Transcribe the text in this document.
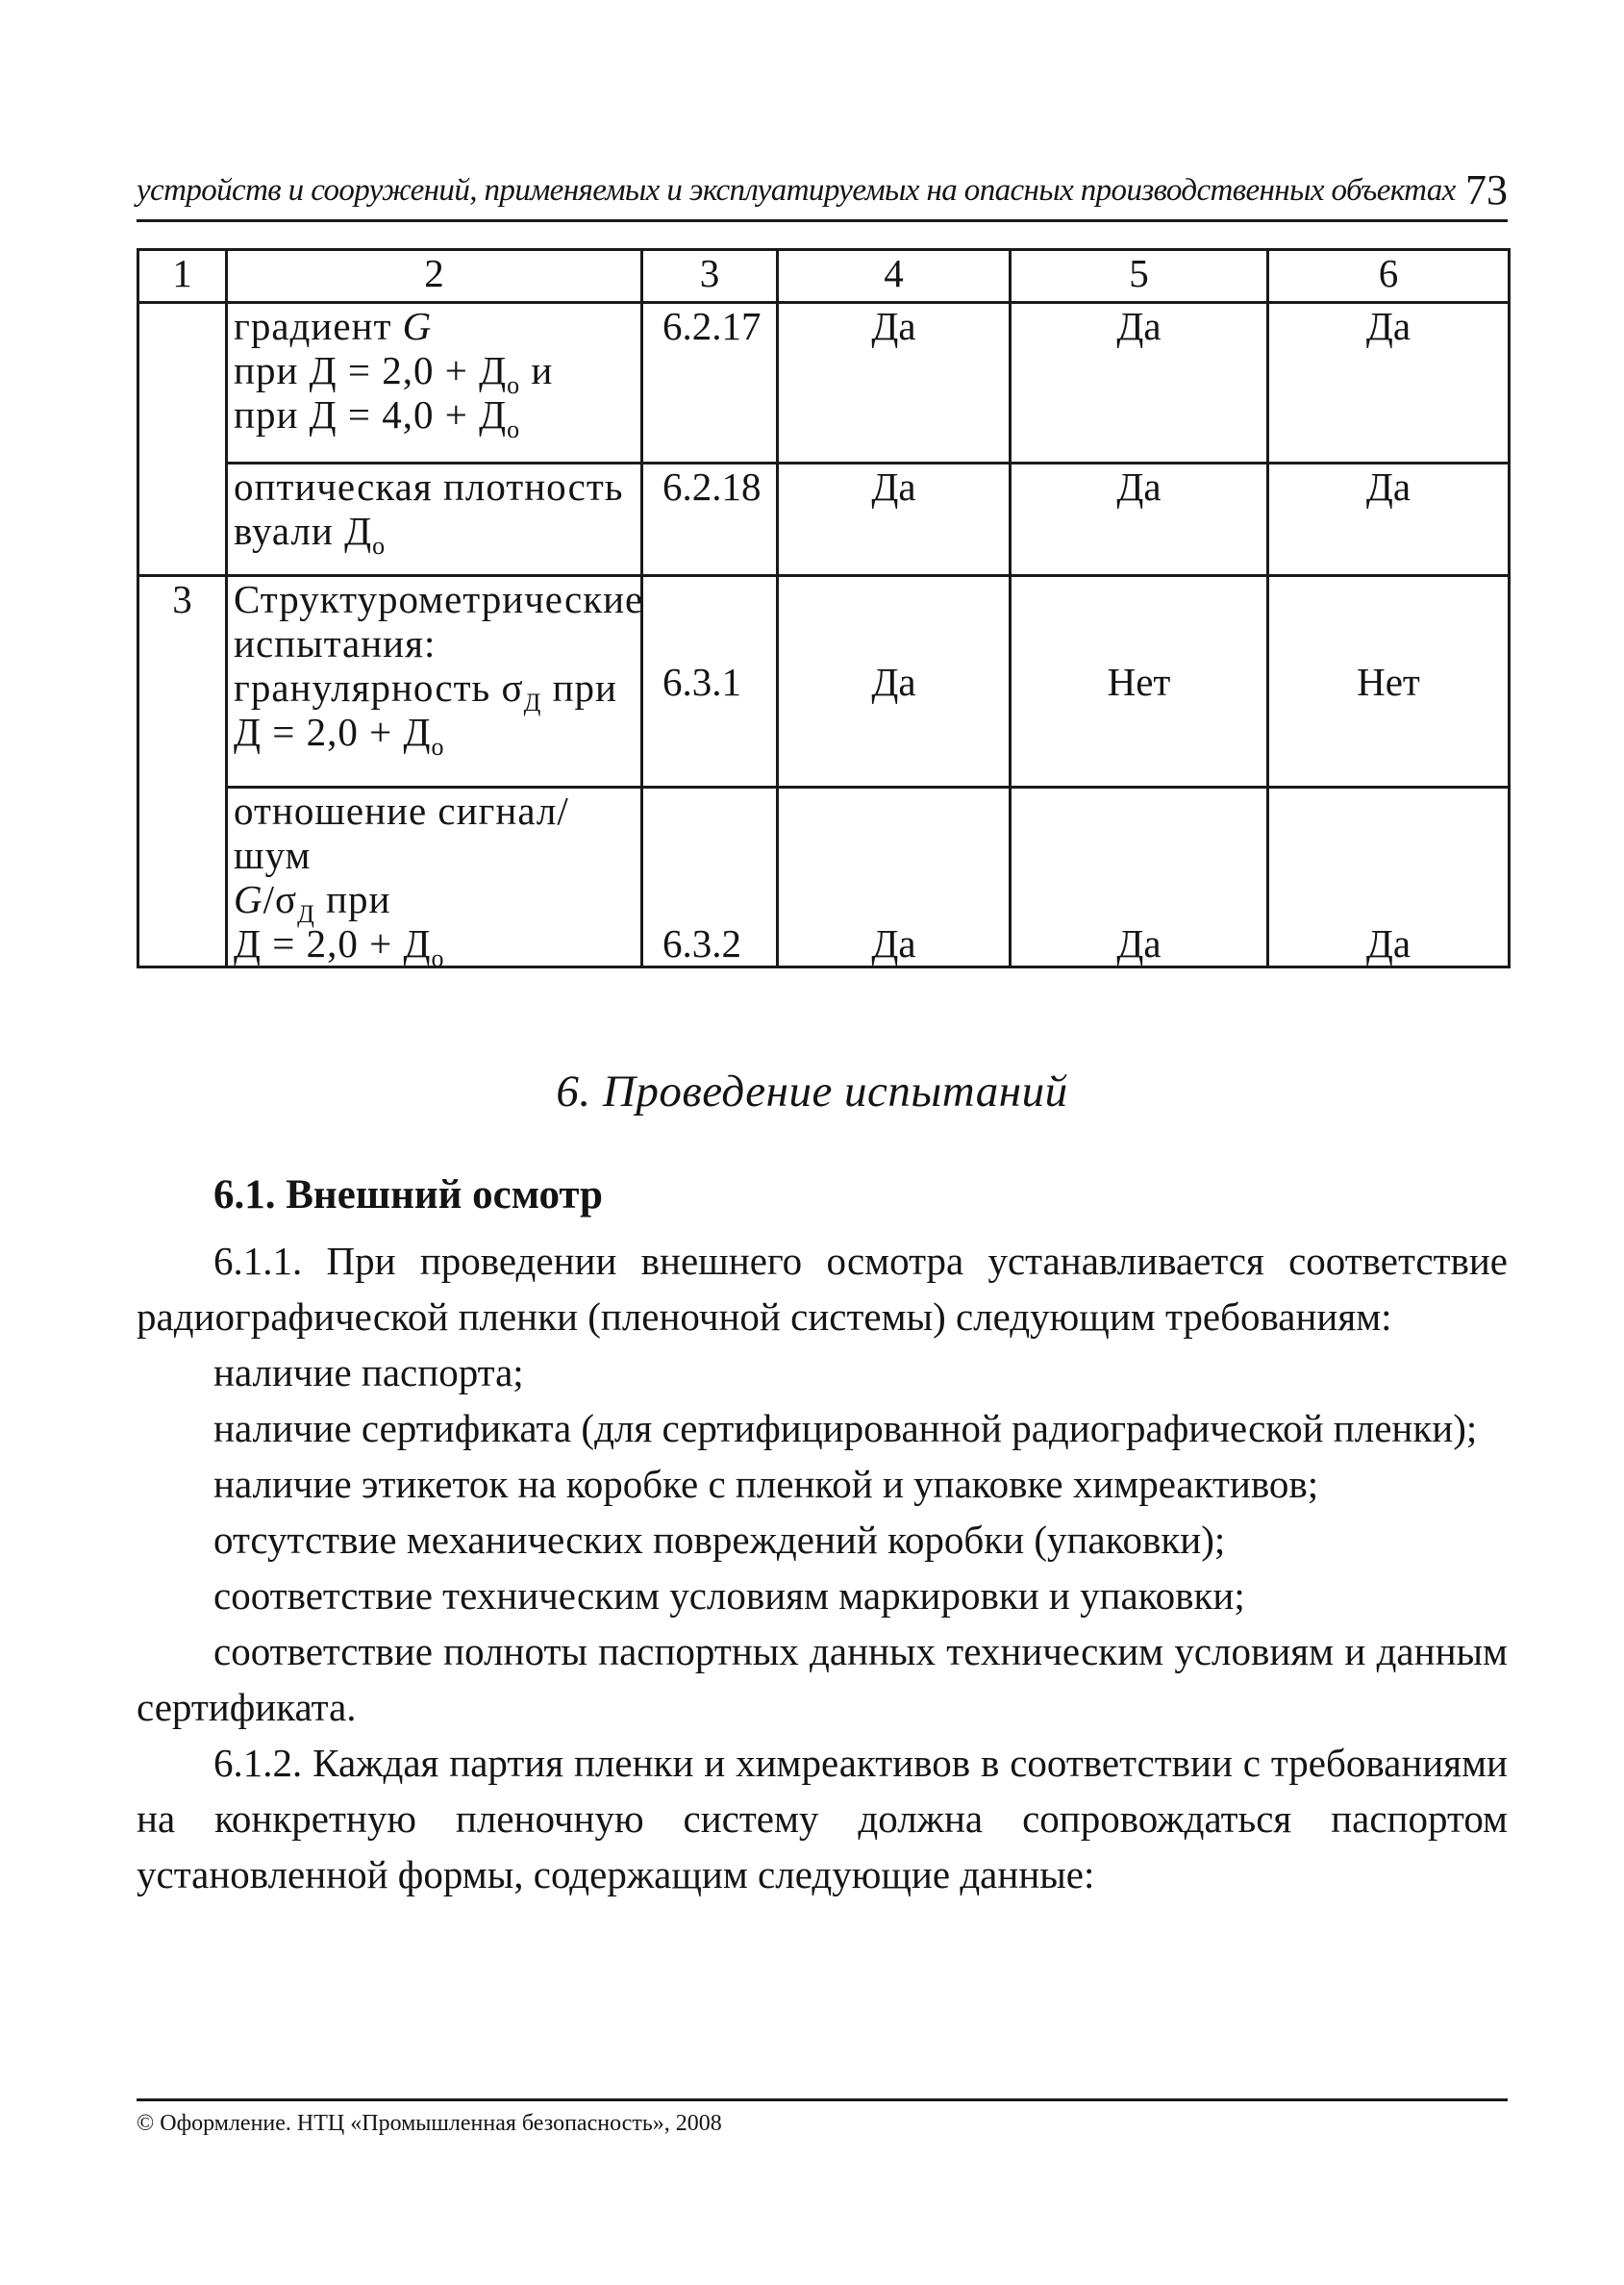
устройств и сооружений, применяемых и эксплуатируемых на опасных производственных объектах 73
1	2	3	4	5	6

	градиент G
при $Д = 2,0 + Д_о$ и
при $Д = 4,0 + Д_о$	6.2.17	Да	Да	Да

	оптическая плотность
вуали $Д_о$	6.2.18	Да	Да	Да
3	Структурометрические
испытания:
гранулярность $\sigma_Д$ при
$Д = 2,0 + Д_о$	6.3.1	Да	Нет	Нет

	отношение сигнал/шум
$G/\sigma_Д$ при
$Д = 2,0 + Д_о$	6.3.2	Да	Да	Да
6. Проведение испытаний
6.1. Внешний осмотр

6.1.1. При проведении внешнего осмотра устанавливается соответствие радиографической пленки (пленочной системы) следующим требованиям:

наличие паспорта;

наличие сертификата (для сертифицированной радиографической пленки);

наличие этикеток на коробке с пленкой и упаковке химреактивов;

отсутствие механических повреждений коробки (упаковки);

соответствие техническим условиям маркировки и упаковки;

соответствие полноты паспортных данных техническим условиям и данным сертификата.

6.1.2. Каждая партия пленки и химреактивов в соответствии с требованиями на конкретную пленочную систему должна сопровождаться паспортом установленной формы, содержащим следующие данные:

© Оформление. НТЦ «Промышленная безопасность», 2008
